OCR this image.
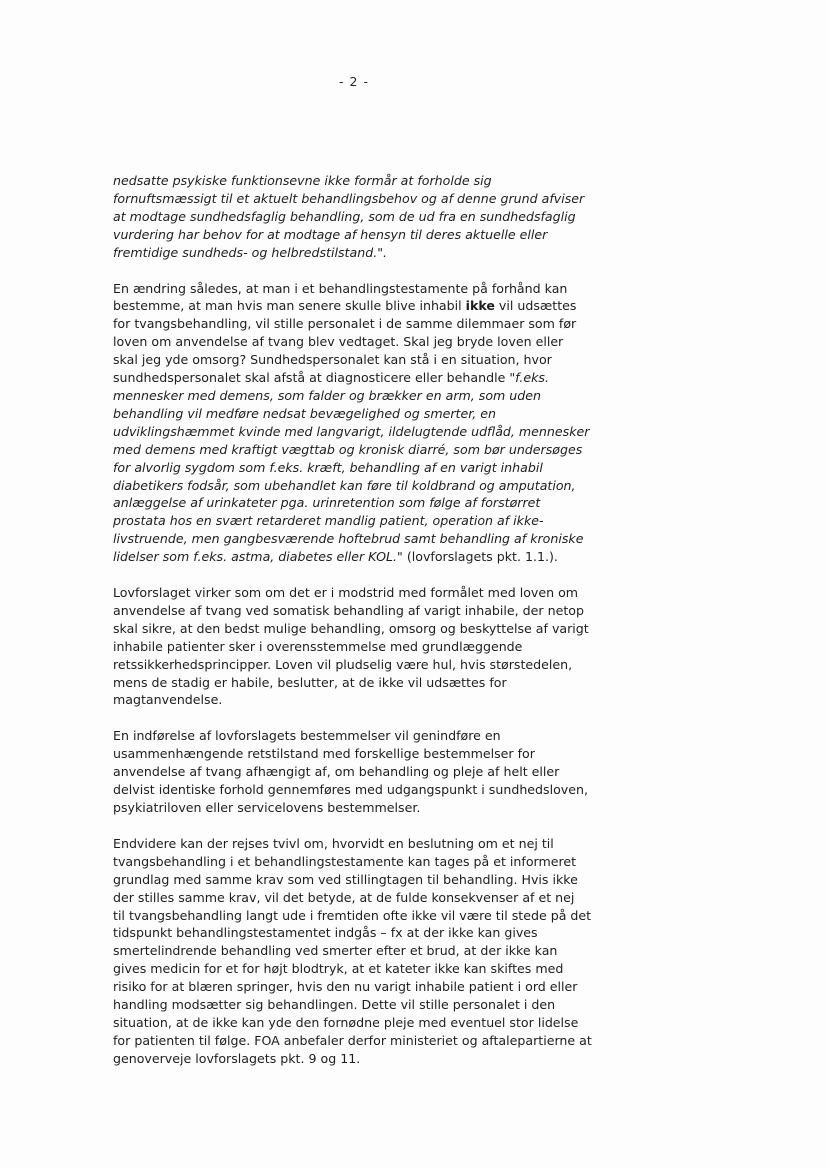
- 2 -
nedsatte psykiske funktionsevne ikke formår at forholde sig
fornuftsmæssigt til et aktuelt behandlingsbehov og af denne grund afviser
at modtage sundhedsfaglig behandling, som de ud fra en sundhedsfaglig
vurdering har behov for at modtage af hensyn til deres aktuelle eller
fremtidige sundheds- og helbredstilstand.".
En ændring således, at man i et behandlingstestamente på forhånd kan
bestemme, at man hvis man senere skulle blive inhabil ikke vil udsættes
for tvangsbehandling, vil stille personalet i de samme dilemmaer som før
loven om anvendelse af tvang blev vedtaget. Skal jeg bryde loven eller
skal jeg yde omsorg? Sundhedspersonalet kan stå i en situation, hvor
sundhedspersonalet skal afstå at diagnosticere eller behandle "f.eks.
mennesker med demens, som falder og brækker en arm, som uden
behandling vil medføre nedsat bevægelighed og smerter, en
udviklingshæmmet kvinde med langvarigt, ildelugtende udflåd, mennesker
med demens med kraftigt vægttab og kronisk diarré, som bør undersøges
for alvorlig sygdom som f.eks. kræft, behandling af en varigt inhabil
diabetikers fodsår, som ubehandlet kan føre til koldbrand og amputation,
anlæggelse af urinkateter pga. urinretention som følge af forstørret
prostata hos en svært retarderet mandlig patient, operation af ikke-
livstruende, men gangbesværende hoftebrud samt behandling af kroniske
lidelser som f.eks. astma, diabetes eller KOL." (lovforslagets pkt. 1.1.).
Lovforslaget virker som om det er i modstrid med formålet med loven om
anvendelse af tvang ved somatisk behandling af varigt inhabile, der netop
skal sikre, at den bedst mulige behandling, omsorg og beskyttelse af varigt
inhabile patienter sker i overensstemmelse med grundlæggende
retssikkerhedsprincipper. Loven vil pludselig være hul, hvis størstedelen,
mens de stadig er habile, beslutter, at de ikke vil udsættes for
magtanvendelse.
En indførelse af lovforslagets bestemmelser vil genindføre en
usammenhængende retstilstand med forskellige bestemmelser for
anvendelse af tvang afhængigt af, om behandling og pleje af helt eller
delvist identiske forhold gennemføres med udgangspunkt i sundhedsloven,
psykiatriloven eller servicelovens bestemmelser.
Endvidere kan der rejses tvivl om, hvorvidt en beslutning om et nej til
tvangsbehandling i et behandlingstestamente kan tages på et informeret
grundlag med samme krav som ved stillingtagen til behandling. Hvis ikke
der stilles samme krav, vil det betyde, at de fulde konsekvenser af et nej
til tvangsbehandling langt ude i fremtiden ofte ikke vil være til stede på det
tidspunkt behandlingstestamentet indgås – fx at der ikke kan gives
smertelindrende behandling ved smerter efter et brud, at der ikke kan
gives medicin for et for højt blodtryk, at et kateter ikke kan skiftes med
risiko for at blæren springer, hvis den nu varigt inhabile patient i ord eller
handling modsætter sig behandlingen. Dette vil stille personalet i den
situation, at de ikke kan yde den fornødne pleje med eventuel stor lidelse
for patienten til følge. FOA anbefaler derfor ministeriet og aftalepartierne at
genoverveje lovforslagets pkt. 9 og 11.
